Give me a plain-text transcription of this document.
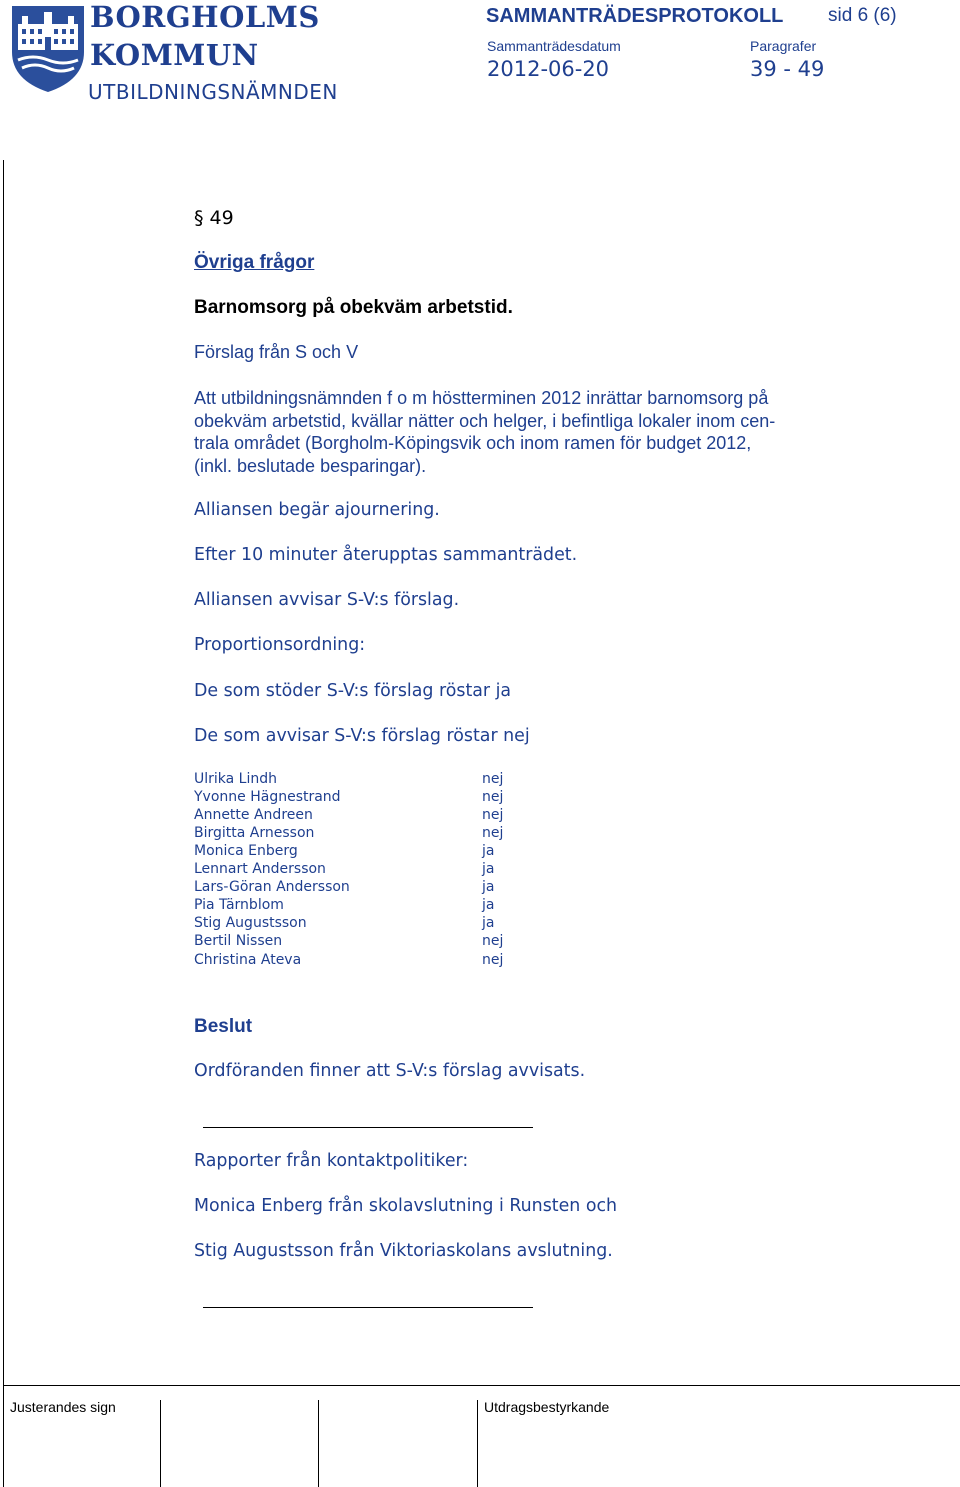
BORGHOLMS
KOMMUN
UTBILDNINGSNÄMNDEN
SAMMANTRÄDESPROTOKOLL sid 6 (6)
Sammanträdesdatum	Paragrafer
2012-06-20	39 - 49
§ 49
Övriga frågor
Barnomsorg på obekväm arbetstid.
Förslag från S och V
Att utbildningsnämnden f o m höstterminen 2012 inrättar barnomsorg på
obekväm arbetstid, kvällar nätter och helger, i befintliga lokaler inom cen-
trala området (Borgholm-Köpingsvik och inom ramen för budget 2012,
(inkl. beslutade besparingar).
Alliansen begär ajournering.
Efter 10 minuter återupptas sammanträdet.
Alliansen avvisar S-V:s förslag.
Proportionsordning:
De som stöder S-V:s förslag röstar ja
De som avvisar S-V:s förslag röstar nej
Ulrika Lindh	nej
Yvonne Hägnestrand	nej
Annette Andreen	nej
Birgitta Arnesson	nej
Monica Enberg	ja
Lennart Andersson	ja
Lars-Göran Andersson	ja
Pia Tärnblom	ja
Stig Augustsson	ja
Bertil Nissen	nej
Christina Ateva	nej
Beslut
Ordföranden finner att S-V:s förslag avvisats.
Rapporter från kontaktpolitiker:
Monica Enberg från skolavslutning i Runsten och
Stig Augustsson från Viktoriaskolans avslutning.
Justerandes sign	Utdragsbestyrkande
